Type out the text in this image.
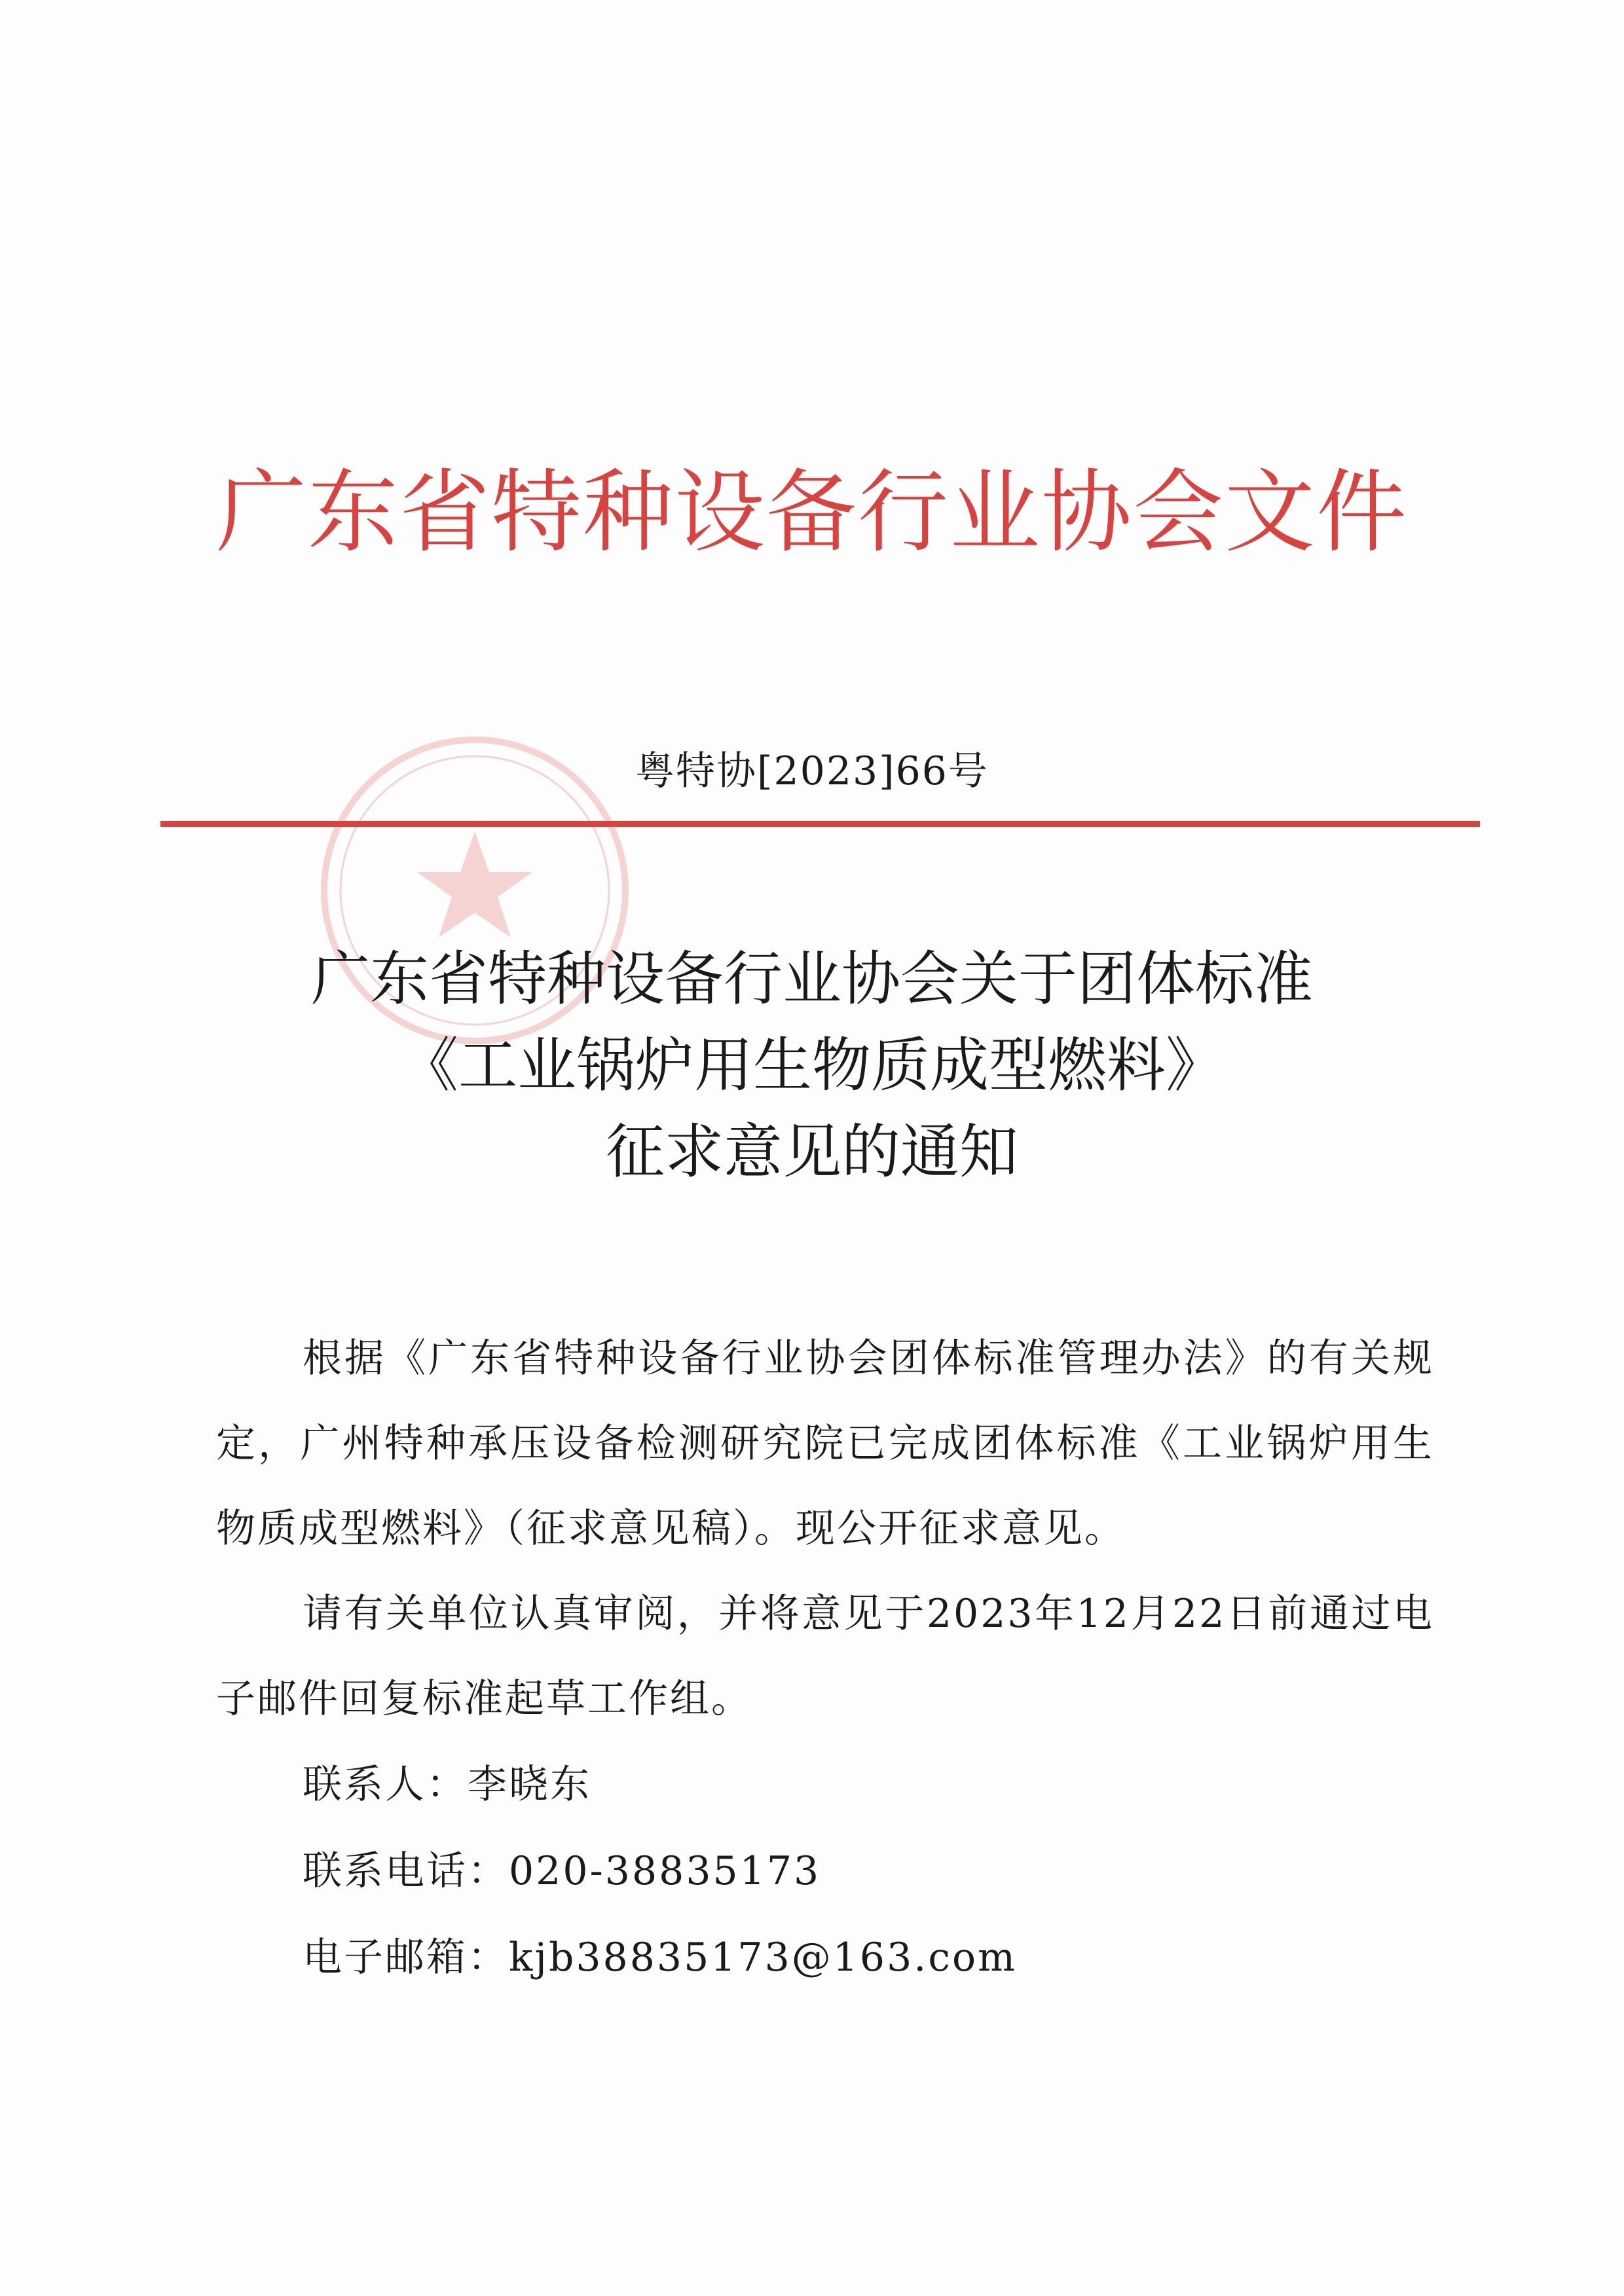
广东省特种设备行业协会文件
粤特协[2023]66号
广东省特种设备行业协会关于团体标准
《工业锅炉用生物质成型燃料》
征求意见的通知

根据《广东省特种设备行业协会团体标准管理办法》的有关规定，广州特种承压设备检测研究院已完成团体标准《工业锅炉用生物质成型燃料》（征求意见稿）。现公开征求意见。

请有关单位认真审阅，并将意见于2023年12月22日前通过电子邮件回复标准起草工作组。

联系人：李晓东
联系电话：020-38835173
电子邮箱：kjb38835173@163.com
